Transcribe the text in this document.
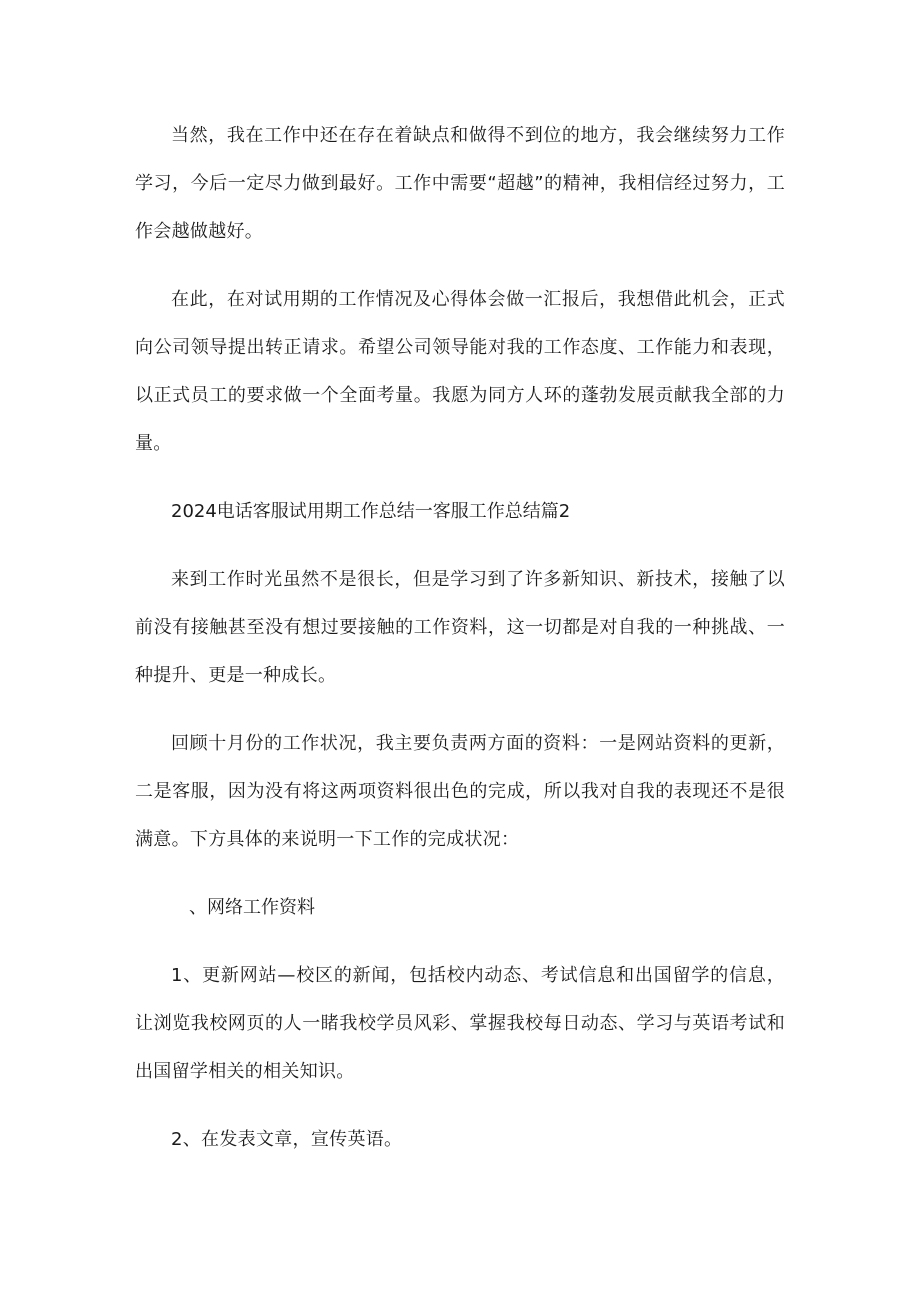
当然，我在工作中还在存在着缺点和做得不到位的地方，我会继续努力工作学习，今后一定尽力做到最好。工作中需要“超越”的精神，我相信经过努力，工作会越做越好。

在此，在对试用期的工作情况及心得体会做一汇报后，我想借此机会，正式向公司领导提出转正请求。希望公司领导能对我的工作态度、工作能力和表现，以正式员工的要求做一个全面考量。我愿为同方人环的蓬勃发展贡献我全部的力量。

2024电话客服试用期工作总结一客服工作总结篇2

来到工作时光虽然不是很长，但是学习到了许多新知识、新技术，接触了以前没有接触甚至没有想过要接触的工作资料，这一切都是对自我的一种挑战、一种提升、更是一种成长。

回顾十月份的工作状况，我主要负责两方面的资料：一是网站资料的更新，二是客服，因为没有将这两项资料很出色的完成，所以我对自我的表现还不是很满意。下方具体的来说明一下工作的完成状况：

、网络工作资料

1、更新网站—校区的新闻，包括校内动态、考试信息和出国留学的信息，让浏览我校网页的人一睹我校学员风彩、掌握我校每日动态、学习与英语考试和出国留学相关的相关知识。

2、在发表文章，宣传英语。
